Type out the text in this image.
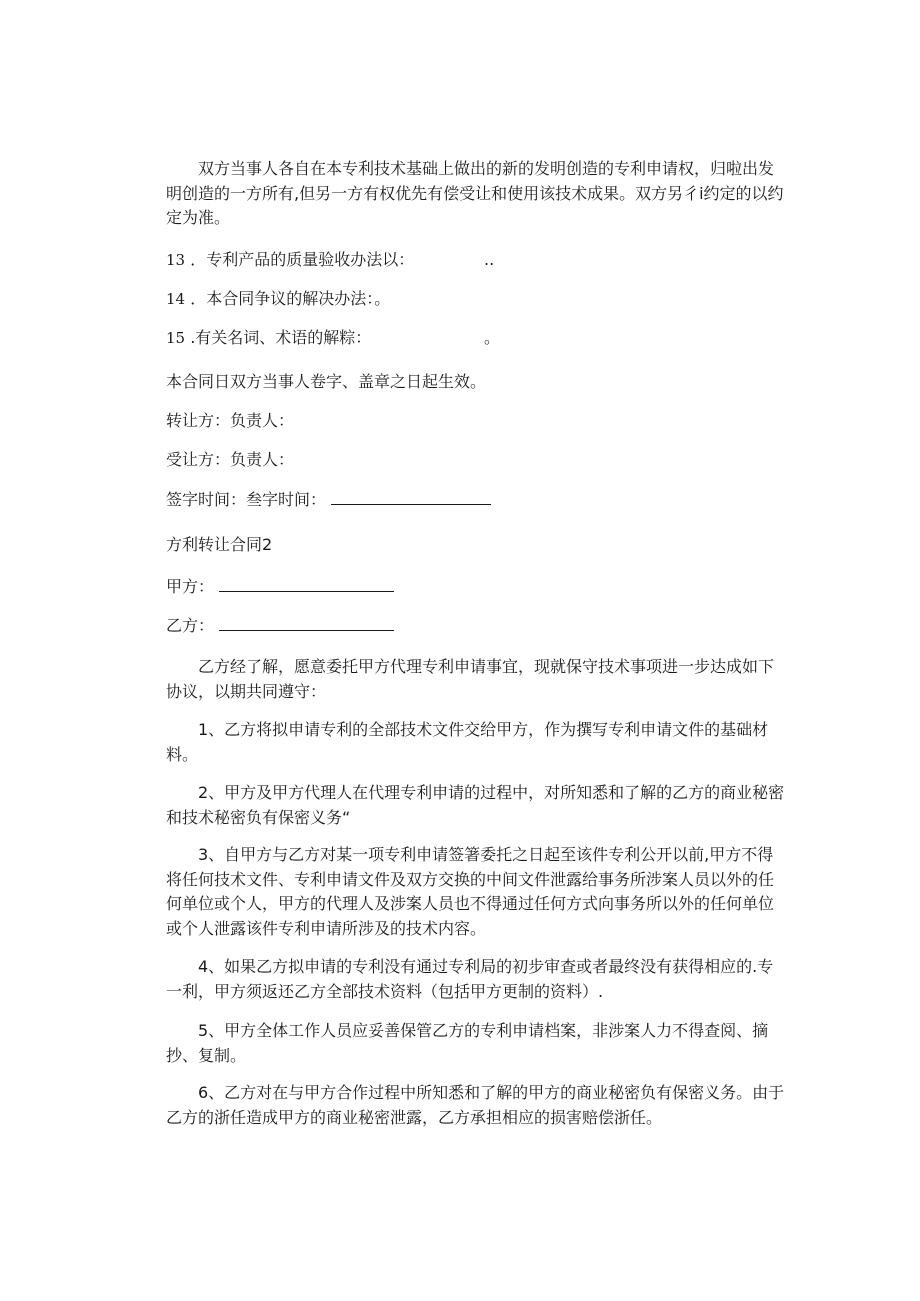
双方当事人各自在本专利技术基础上做出的新的发明创造的专利申请权，归啦出发明创造的一方所有,但另一方有权优先有偿受让和使用该技术成果。双方另彳i约定的以约定为准。

13 ．专利产品的质量验收办法以：	..

14 ．本合同争议的解决办法：。

15 .有关名词、术语的解粽：	。

本合同日双方当事人卷字、盖章之日起生效。

转让方：负责人：

受让方：负责人：

签字时间：叁字时间：

方利转让合同2

甲方：

乙方：

乙方经了解，愿意委托甲方代理专利申请事宜，现就保守技术事项进一步达成如下协议，以期共同遵守：

1、乙方将拟申请专利的全部技术文件交给甲方，作为撰写专利申请文件的基础材料。

2、甲方及甲方代理人在代理专利申请的过程中，对所知悉和了解的乙方的商业秘密和技术秘密负有保密义务“

3、自甲方与乙方对某一项专利申请签箸委托之日起至该件专利公开以前,甲方不得将任何技术文件、专利申请文件及双方交换的中间文件泄露给事务所涉案人员以外的任何单位或个人，甲方的代理人及涉案人员也不得通过任何方式向事务所以外的任何单位或个人泄露该件专利申请所涉及的技术内容。

4、如果乙方拟申请的专利没有通过专利局的初步审查或者最终没有获得相应的.专一利，甲方须返还乙方全部技术资料（包括甲方更制的资料）.

5、甲方全体工作人员应妥善保管乙方的专利申请档案，非涉案人力不得查阅、摘抄、复制。

6、乙方对在与甲方合作过程中所知悉和了解的甲方的商业秘密负有保密义务。由于乙方的浙任造成甲方的商业秘密泄露，乙方承担相应的损害赔偿浙任。
